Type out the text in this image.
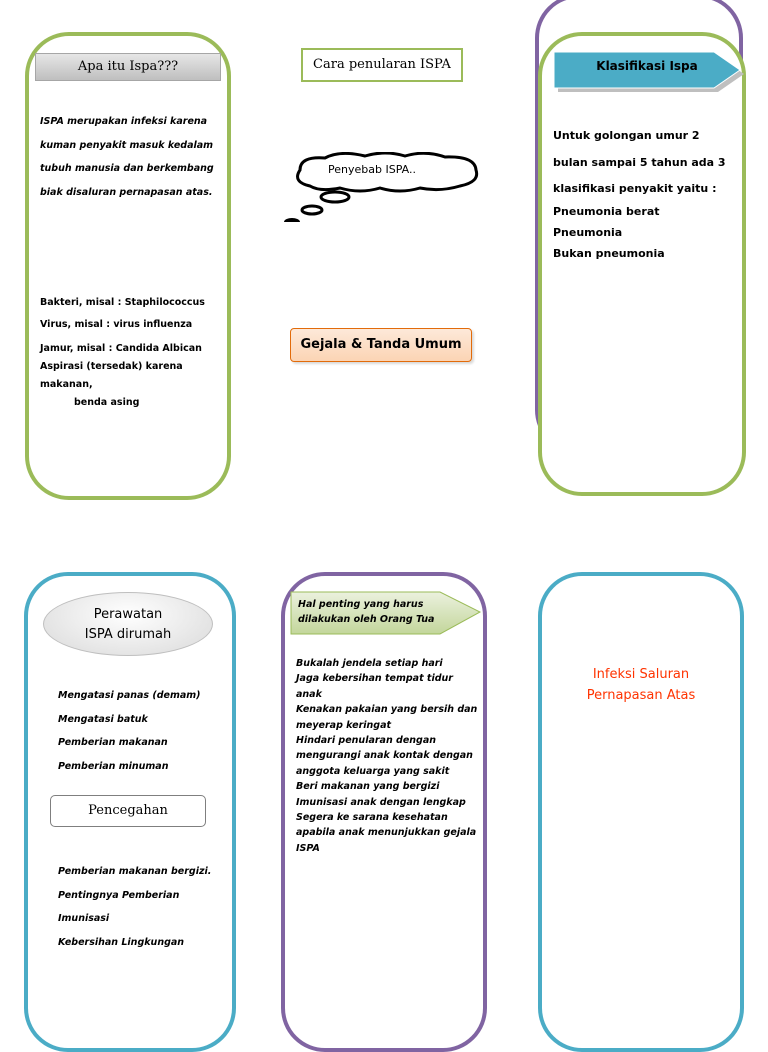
Apa itu Ispa???
ISPA merupakan infeksi karena
kuman penyakit masuk kedalam
tubuh manusia dan berkembang
biak disaluran pernapasan atas.
Bakteri, misal : Staphilococcus
Virus, misal : virus influenza
Jamur, misal : Candida Albican
Aspirasi (tersedak) karena
makanan,
benda asing
Cara penularan ISPA
Penyebab ISPA..
Gejala & Tanda Umum
Klasifikasi Ispa
Untuk golongan umur 2
bulan sampai 5 tahun ada 3
klasifikasi penyakit yaitu :
Pneumonia berat
Pneumonia
Bukan pneumonia
Perawatan
ISPA dirumah
Mengatasi panas (demam)
Mengatasi batuk
Pemberian makanan
Pemberian minuman
Pencegahan
Pemberian makanan bergizi.
Pentingnya Pemberian
Imunisasi
Kebersihan Lingkungan
Hal penting yang harus
dilakukan oleh Orang Tua
Bukalah jendela setiap hari
Jaga kebersihan tempat tidur
anak
Kenakan pakaian yang bersih dan
meyerap keringat
Hindari penularan dengan
mengurangi anak kontak dengan
anggota keluarga yang sakit
Beri makanan yang bergizi
Imunisasi anak dengan lengkap
Segera ke sarana kesehatan
apabila anak menunjukkan gejala
ISPA
Infeksi Saluran
Pernapasan Atas
